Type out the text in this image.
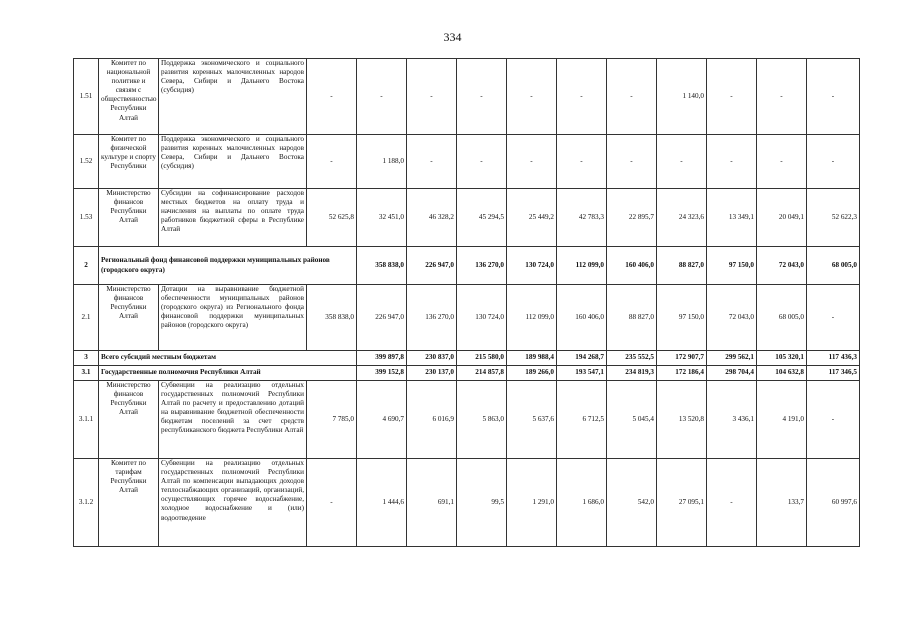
334
1.51	Комитет по национальной политике и связям с общественностью Республики Алтай	Поддержка экономического и социального развития коренных малочисленных народов Севера, Сибири и Дальнего Востока (субсидия)	-	-	-	-	-	-	-	1 140,0	-	-	-	
1.52	Комитет по физической культуре и спорту Республики	Поддержка экономического и социального развития коренных малочисленных народов Севера, Сибири и Дальнего Востока (субсидия)	-	1 188,0	-	-	-	-	-	-	-	-	-	
1.53	Министерство финансов Республики Алтай	Субсидии на софинансирование расходов местных бюджетов на оплату труда и начисления на выплаты по оплате труда работников бюджетной сферы в Республике Алтай	52 625,8	32 451,0	46 328,2	45 294,5	25 449,2	42 783,3	22 895,7	24 323,6	13 349,1	20 049,1	52 622,3	
2	Региональный фонд финансовой поддержки муниципальных районов (городского округа)			358 838,0	226 947,0	136 270,0	130 724,0	112 099,0	160 406,0	88 827,0	97 150,0	72 043,0	68 005,0	
2.1	Министерство финансов Республики Алтай	Дотации на выравнивание бюджетной обеспеченности муниципальных районов (городского округа) из Регионального фонда финансовой поддержки муниципальных районов (городского округа)	358 838,0	226 947,0	136 270,0	130 724,0	112 099,0	160 406,0	88 827,0	97 150,0	72 043,0	68 005,0	-	
3	Всего субсидий местным бюджетам			399 897,8	230 837,0	215 580,0	189 988,4	194 268,7	235 552,5	172 907,7	299 562,1	105 320,1	117 436,3	
3.1	Государственные полномочия Республики Алтай			399 152,8	230 137,0	214 857,8	189 266,0	193 547,1	234 819,3	172 186,4	298 704,4	104 632,8	117 346,5	
3.1.1	Министерство финансов Республики Алтай	Субвенции на реализацию отдельных государственных полномочий Республики Алтай по расчету и предоставлению дотаций на выравнивание бюджетной обеспеченности бюджетам поселений за счет средств республиканского бюджета Республики Алтай	7 785,0	4 690,7	6 016,9	5 863,0	5 637,6	6 712,5	5 045,4	13 520,8	3 436,1	4 191,0	-	
3.1.2	Комитет по тарифам Республики Алтай	Субвенции на реализацию отдельных государственных полномочий Республики Алтай по компенсации выпадающих доходов теплоснабжающих организаций, организаций, осуществляющих горячее водоснабжение, холодное водоснабжение и (или) водоотведение	-	1 444,6	691,1	99,5	1 291,0	1 686,0	542,0	27 095,1	-	133,7	60 997,6	
